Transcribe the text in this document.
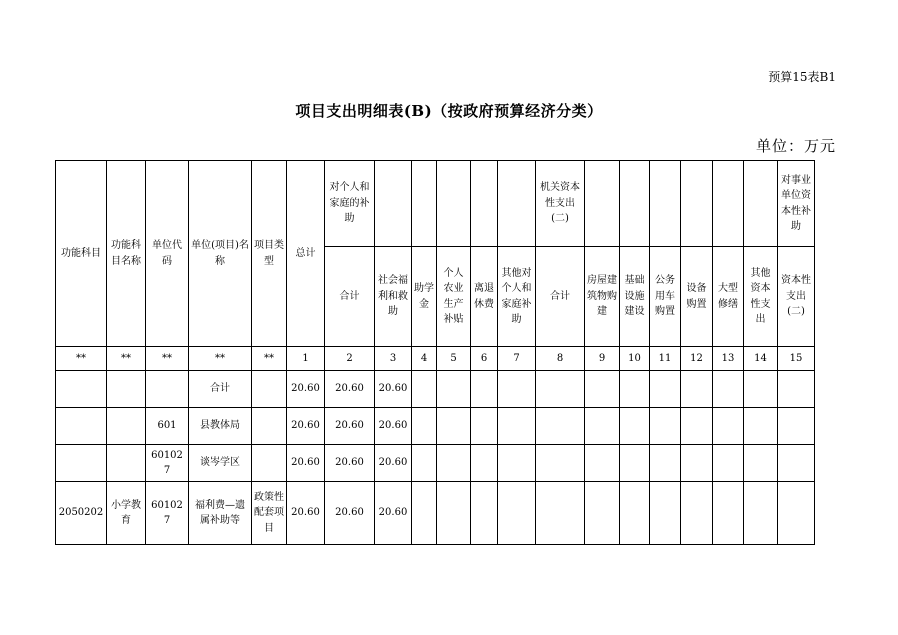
预算15表B1
项目支出明细表(B)（按政府预算经济分类）
单位：万元
功能科目	功能科目名称	单位代码	单位(项目)名称	项目类型	总计	对个人和家庭的补助						机关资本性支出(二)							对事业单位资本性补助
						合计	社会福利和救助	助学金	个人农业生产补贴	离退休费	其他对个人和家庭补助	合计	房屋建筑物购建	基础设施建设	公务用车购置	设备购置	大型修缮	其他资本性支出	资本性支出(二)
**	**	**	**	**	1	2	3	4	5	6	7	8	9	10	11	12	13	14	15
			合计		20.60	20.60	20.60												
		601	县教体局		20.60	20.60	20.60												
		601027	谈岑学区		20.60	20.60	20.60												
2050202	小学教育	601027	福利费—遗属补助等	政策性配套项目	20.60	20.60	20.60												
